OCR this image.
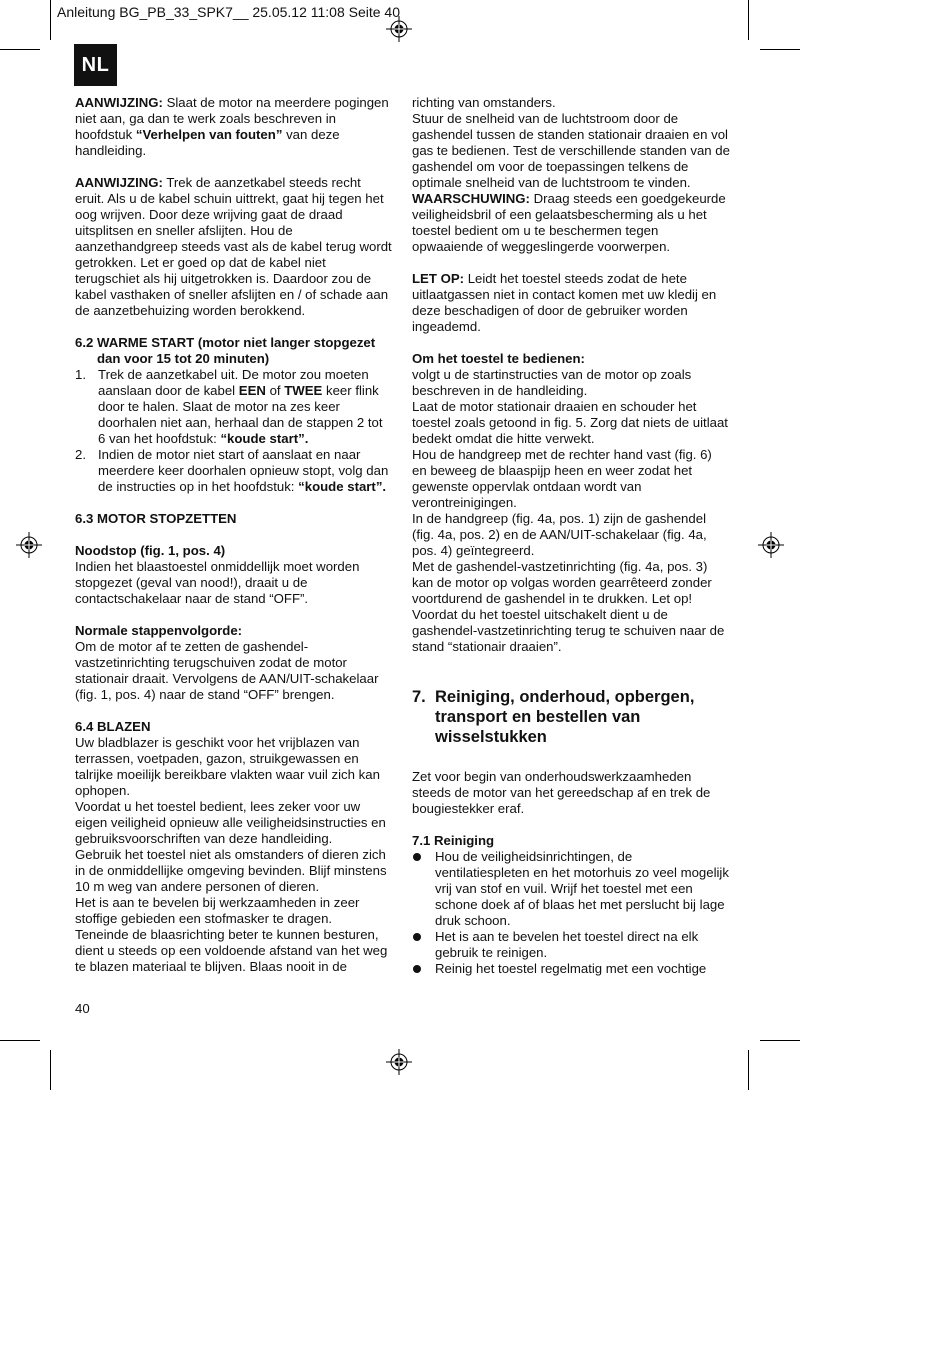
Anleitung BG_PB_33_SPK7__ 25.05.12 11:08 Seite 40
NL

AANWIJZING: Slaat de motor na meerdere pogingen niet aan, ga dan te werk zoals beschreven in hoofdstuk “Verhelpen van fouten” van deze handleiding.

AANWIJZING: Trek de aanzetkabel steeds recht eruit. Als u de kabel schuin uittrekt, gaat hij tegen het oog wrijven. Door deze wrijving gaat de draad uitsplitsen en sneller afslijten. Hou de aanzethandgreep steeds vast als de kabel terug wordt getrokken. Let er goed op dat de kabel niet terugschiet als hij uitgetrokken is. Daardoor zou de kabel vasthaken of sneller afslijten en / of schade aan de aanzetbehuizing worden berokkend.

6.2 WARME START (motor niet langer stopgezet
dan voor 15 tot 20 minuten)
1. Trek de aanzetkabel uit. De motor zou moeten aanslaan door de kabel EEN of TWEE keer flink door te halen. Slaat de motor na zes keer doorhalen niet aan, herhaal dan de stappen 2 tot 6 van het hoofdstuk: “koude start”.
2. Indien de motor niet start of aanslaat en naar meerdere keer doorhalen opnieuw stopt, volg dan de instructies op in het hoofdstuk: “koude start”.

6.3 MOTOR STOPZETTEN

Noodstop (fig. 1, pos. 4)

Indien het blaastoestel onmiddellijk moet worden stopgezet (geval van nood!), draait u de contactschakelaar naar de stand “OFF”.

Normale stappenvolgorde:

Om de motor af te zetten de gashendel-vastzetinrichting terugschuiven zodat de motor stationair draait. Vervolgens de AAN/UIT-schakelaar (fig. 1, pos. 4) naar de stand “OFF” brengen.

6.4 BLAZEN

Uw bladblazer is geschikt voor het vrijblazen van terrassen, voetpaden, gazon, struikgewassen en talrijke moeilijk bereikbare vlakten waar vuil zich kan ophopen.

Voordat u het toestel bedient, lees zeker voor uw eigen veiligheid opnieuw alle veiligheidsinstructies en gebruiksvoorschriften van deze handleiding.

Gebruik het toestel niet als omstanders of dieren zich in de onmiddellijke omgeving bevinden. Blijf minstens 10 m weg van andere personen of dieren.

Het is aan te bevelen bij werkzaamheden in zeer stoffige gebieden een stofmasker te dragen.

Teneinde de blaasrichting beter te kunnen besturen, dient u steeds op een voldoende afstand van het weg te blazen materiaal te blijven. Blaas nooit in de

richting van omstanders.

Stuur de snelheid van de luchtstroom door de gashendel tussen de standen stationair draaien en vol gas te bedienen. Test de verschillende standen van de gashendel om voor de toepassingen telkens de optimale snelheid van de luchtstroom te vinden.

WAARSCHUWING: Draag steeds een goedgekeurde veiligheidsbril of een gelaatsbescherming als u het toestel bedient om u te beschermen tegen opwaaiende of weggeslingerde voorwerpen.

LET OP: Leidt het toestel steeds zodat de hete uitlaatgassen niet in contact komen met uw kledij en deze beschadigen of door de gebruiker worden ingeademd.

Om het toestel te bedienen:

volgt u de startinstructies van de motor op zoals beschreven in de handleiding.

Laat de motor stationair draaien en schouder het toestel zoals getoond in fig. 5. Zorg dat niets de uitlaat bedekt omdat die hitte verwekt.

Hou de handgreep met de rechter hand vast (fig. 6) en beweeg de blaaspijp heen en weer zodat het gewenste oppervlak ontdaan wordt van verontreinigingen.

In de handgreep (fig. 4a, pos. 1) zijn de gashendel (fig. 4a, pos. 2) en de AAN/UIT-schakelaar (fig. 4a, pos. 4) geïntegreerd.

Met de gashendel-vastzetinrichting (fig. 4a, pos. 3) kan de motor op volgas worden gearrêteerd zonder voortdurend de gashendel in te drukken. Let op! Voordat du het toestel uitschakelt dient u de gashendel-vastzetinrichting terug te schuiven naar de stand “stationair draaien”.

7. Reiniging, onderhoud, opbergen, transport en bestellen van wisselstukken

Zet voor begin van onderhoudswerkzaamheden steeds de motor van het gereedschap af en trek de bougiestekker eraf.

7.1 Reiniging

Hou de veiligheidsinrichtingen, de ventilatiespleten en het motorhuis zo veel mogelijk vrij van stof en vuil. Wrijf het toestel met een schone doek af of blaas het met perslucht bij lage druk schoon.
Het is aan te bevelen het toestel direct na elk gebruik te reinigen.
Reinig het toestel regelmatig met een vochtige
40
